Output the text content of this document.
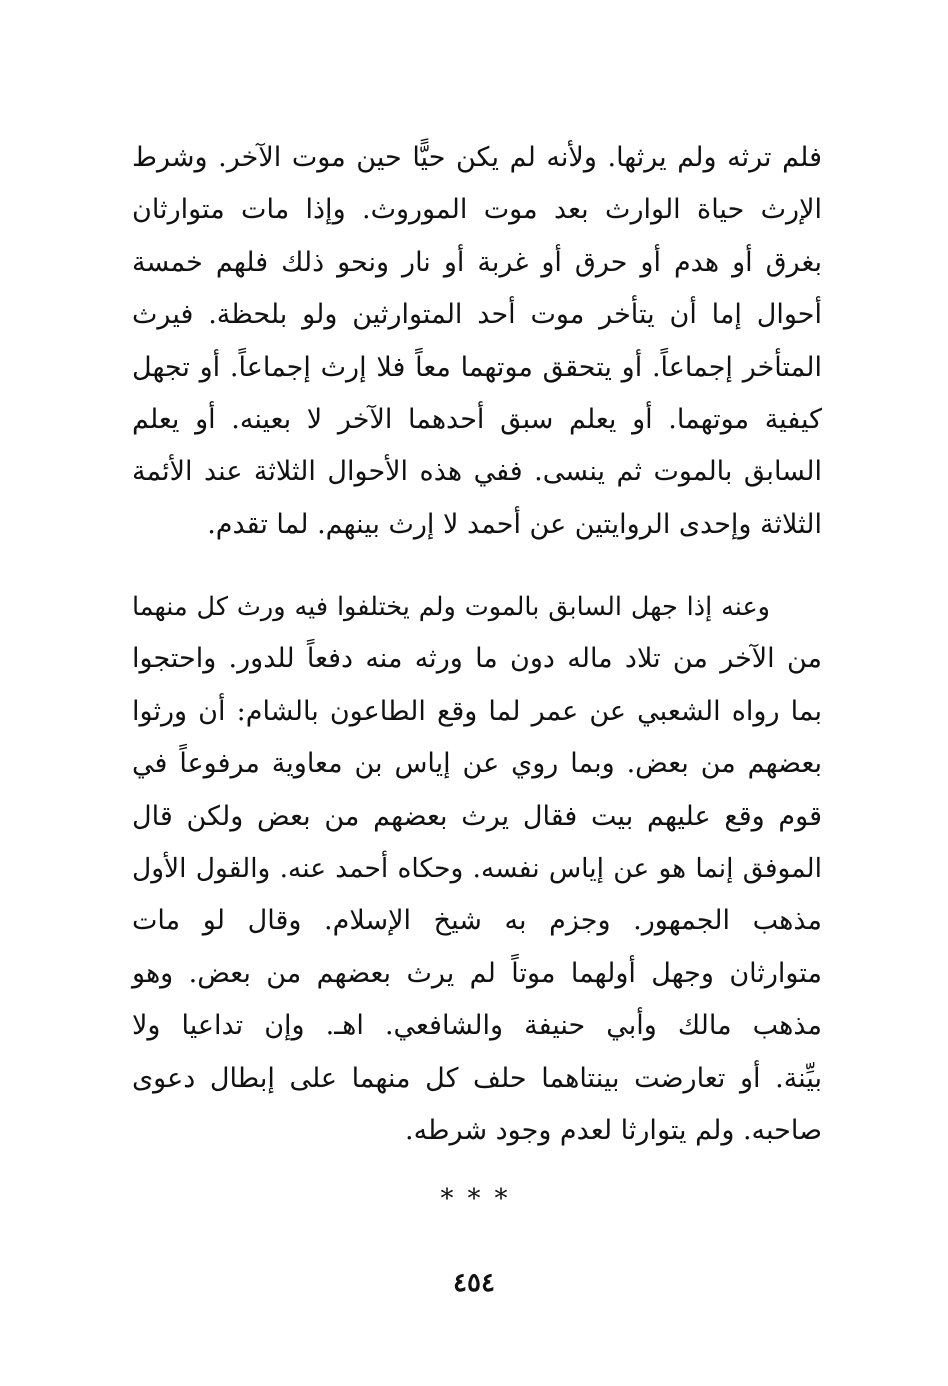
فلم ترثه ولم يرثها. ولأنه لم يكن حيًّا حين موت الآخر. وشرط
الإرث حياة الوارث بعد موت الموروث. وإذا مات متوارثان
بغرق أو هدم أو حرق أو غربة أو نار ونحو ذلك فلهم خمسة
أحوال إما أن يتأخر موت أحد المتوارثين ولو بلحظة. فيرث
المتأخر إجماعاً. أو يتحقق موتهما معاً فلا إرث إجماعاً. أو تجهل
كيفية موتهما. أو يعلم سبق أحدهما الآخر لا بعينه. أو يعلم
السابق بالموت ثم ينسى. ففي هذه الأحوال الثلاثة عند الأئمة
الثلاثة وإحدى الروايتين عن أحمد لا إرث بينهم. لما تقدم.
وعنه إذا جهل السابق بالموت ولم يختلفوا فيه ورث كل منهما
من الآخر من تلاد ماله دون ما ورثه منه دفعاً للدور. واحتجوا
بما رواه الشعبي عن عمر لما وقع الطاعون بالشام: أن ورثوا
بعضهم من بعض. وبما روي عن إياس بن معاوية مرفوعاً في
قوم وقع عليهم بيت فقال يرث بعضهم من بعض ولكن قال
الموفق إنما هو عن إياس نفسه. وحكاه أحمد عنه. والقول الأول
مذهب الجمهور. وجزم به شيخ الإسلام. وقال لو مات
متوارثان وجهل أولهما موتاً لم يرث بعضهم من بعض. وهو
مذهب مالك وأبي حنيفة والشافعي. اهـ. وإن تداعيا ولا
بيِّنة. أو تعارضت بينتاهما حلف كل منهما على إبطال دعوى
صاحبه. ولم يتوارثا لعدم وجود شرطه.
***
٤٥٤
